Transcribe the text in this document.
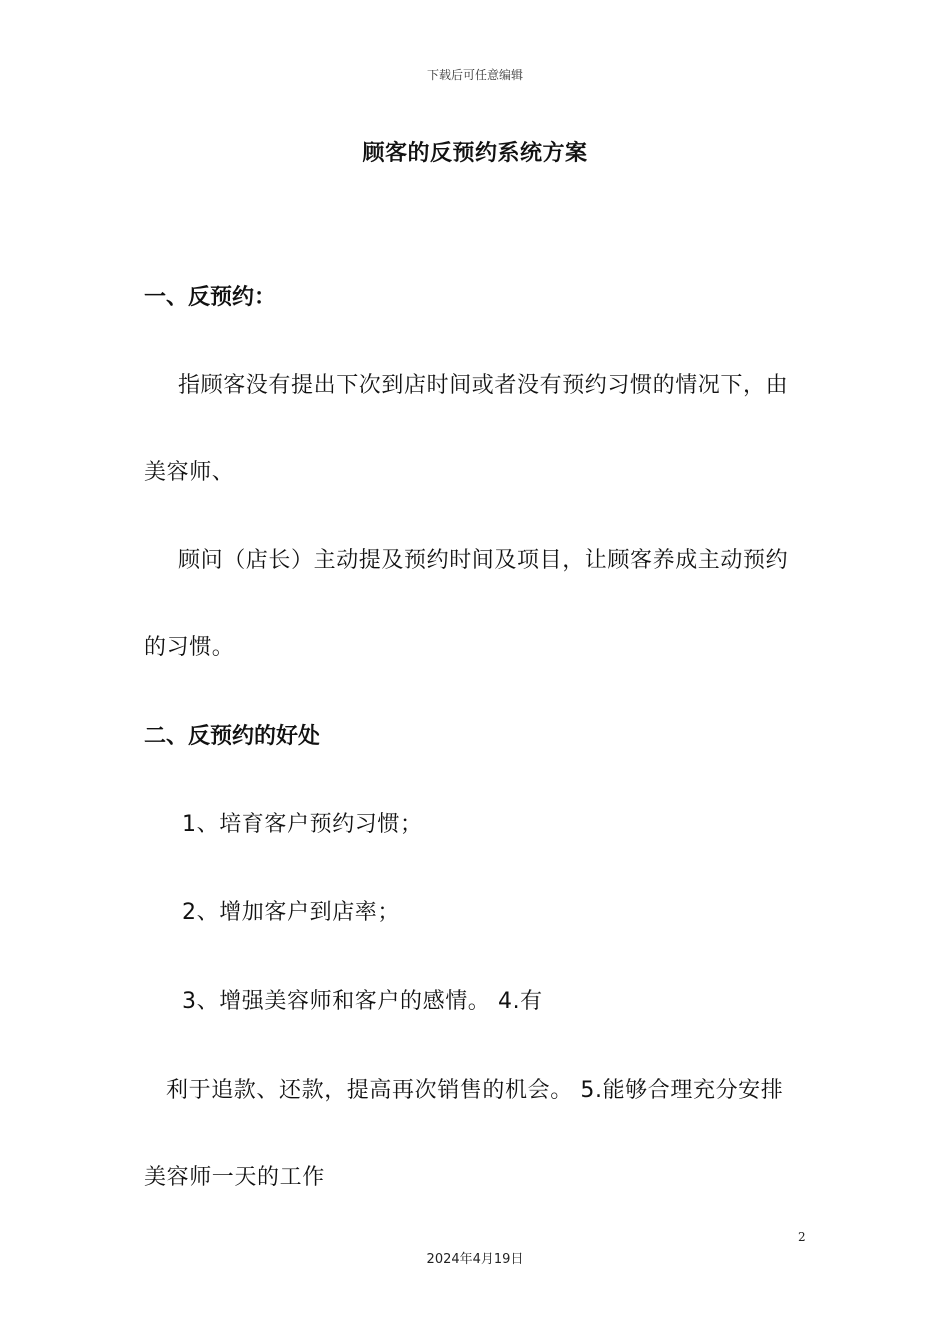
下载后可任意编辑
顾客的反预约系统方案
一、反预约：
指顾客没有提出下次到店时间或者没有预约习惯的情况下，由
美容师、
顾问（店长）主动提及预约时间及项目，让顾客养成主动预约
的习惯。
二、反预约的好处
1、培育客户预约习惯；
2、增加客户到店率；
3、增强美容师和客户的感情。 4.有
利于追款、还款，提高再次销售的机会。 5.能够合理充分安排
美容师一天的工作
2
2024年4月19日
